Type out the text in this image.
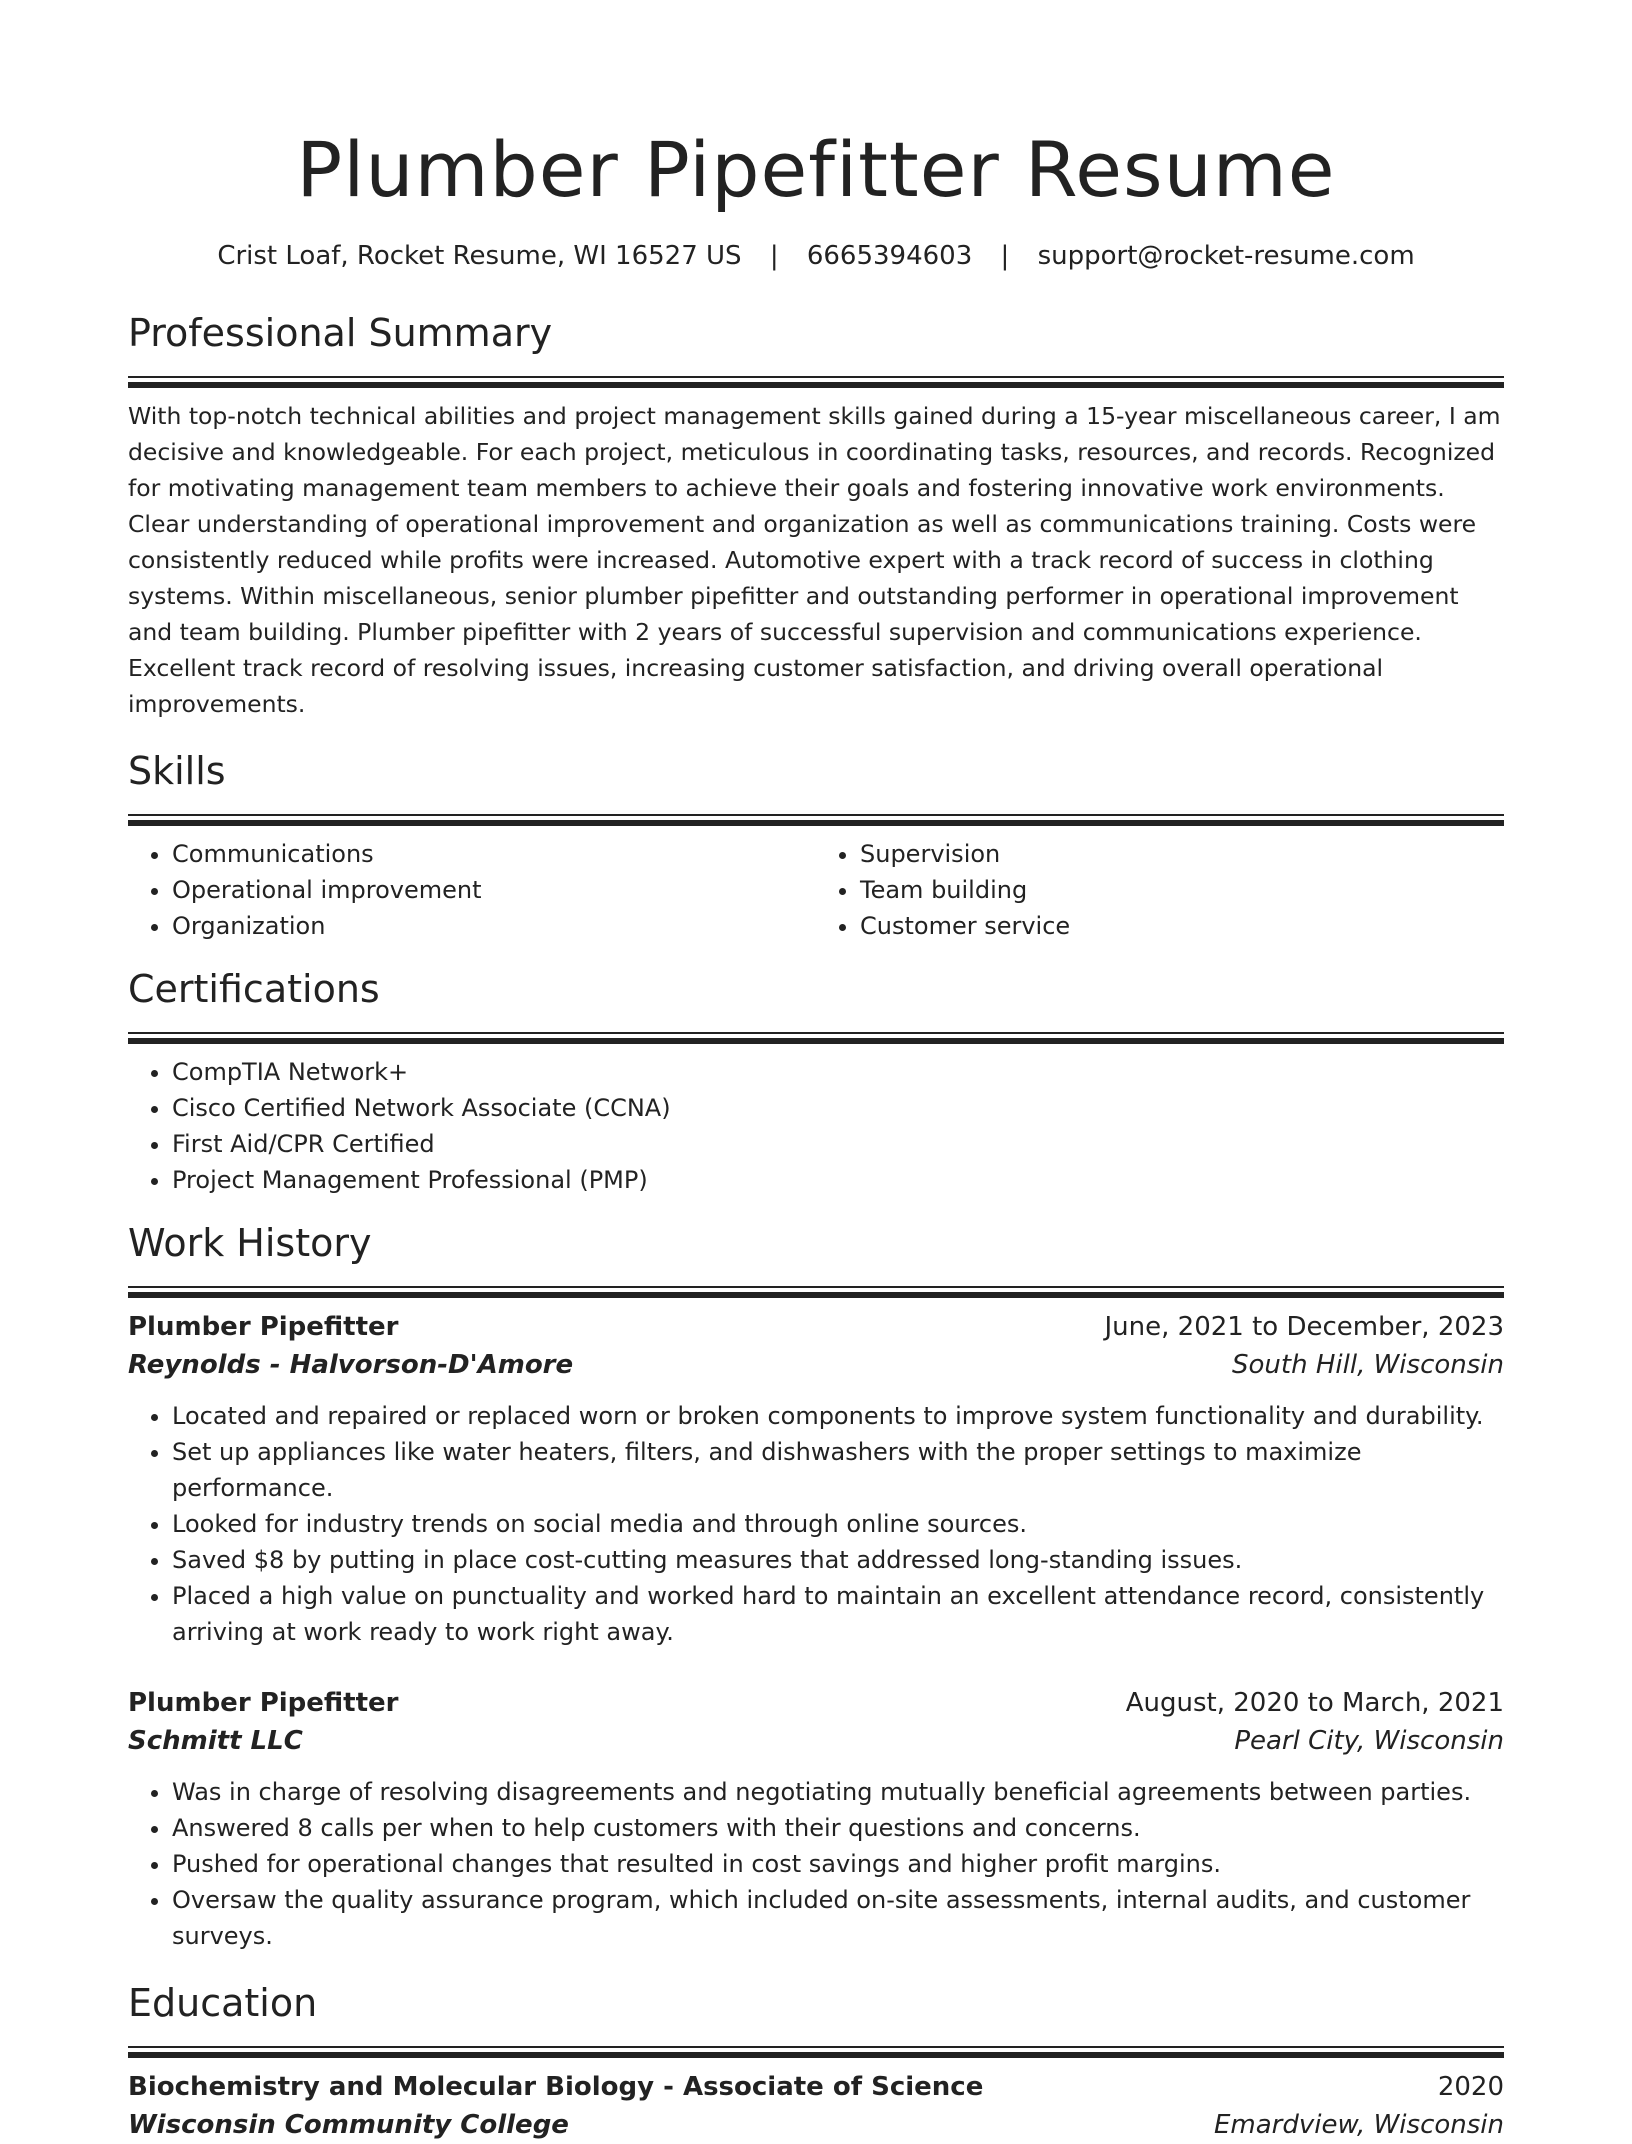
Plumber Pipefitter Resume
Crist Loaf, Rocket Resume, WI 16527 US | 6665394603 | support@rocket-resume.com
Professional Summary

With top-notch technical abilities and project management skills gained during a 15-year miscellaneous career, I am decisive and knowledgeable. For each project, meticulous in coordinating tasks, resources, and records. Recognized for motivating management team members to achieve their goals and fostering innovative work environments. Clear understanding of operational improvement and organization as well as communications training. Costs were consistently reduced while profits were increased. Automotive expert with a track record of success in clothing systems. Within miscellaneous, senior plumber pipefitter and outstanding performer in operational improvement and team building. Plumber pipefitter with 2 years of successful supervision and communications experience. Excellent track record of resolving issues, increasing customer satisfaction, and driving overall operational improvements.

Skills
• Communications
• Operational improvement
• Organization
• Supervision
• Team building
• Customer service
Certifications
• CompTIA Network+
• Cisco Certified Network Associate (CCNA)
• First Aid/CPR Certified
• Project Management Professional (PMP)
Work History
Plumber Pipefitter	June, 2021 to December, 2023
Reynolds - Halvorson-D'Amore	South Hill, Wisconsin
• Located and repaired or replaced worn or broken components to improve system functionality and durability.
• Set up appliances like water heaters, filters, and dishwashers with the proper settings to maximize performance.
• Looked for industry trends on social media and through online sources.
• Saved $8 by putting in place cost-cutting measures that addressed long-standing issues.
• Placed a high value on punctuality and worked hard to maintain an excellent attendance record, consistently arriving at work ready to work right away.
Plumber Pipefitter	August, 2020 to March, 2021
Schmitt LLC	Pearl City, Wisconsin
• Was in charge of resolving disagreements and negotiating mutually beneficial agreements between parties.
• Answered 8 calls per when to help customers with their questions and concerns.
• Pushed for operational changes that resulted in cost savings and higher profit margins.
• Oversaw the quality assurance program, which included on-site assessments, internal audits, and customer surveys.
Education
Biochemistry and Molecular Biology - Associate of Science	2020
Wisconsin Community College	Emardview, Wisconsin
